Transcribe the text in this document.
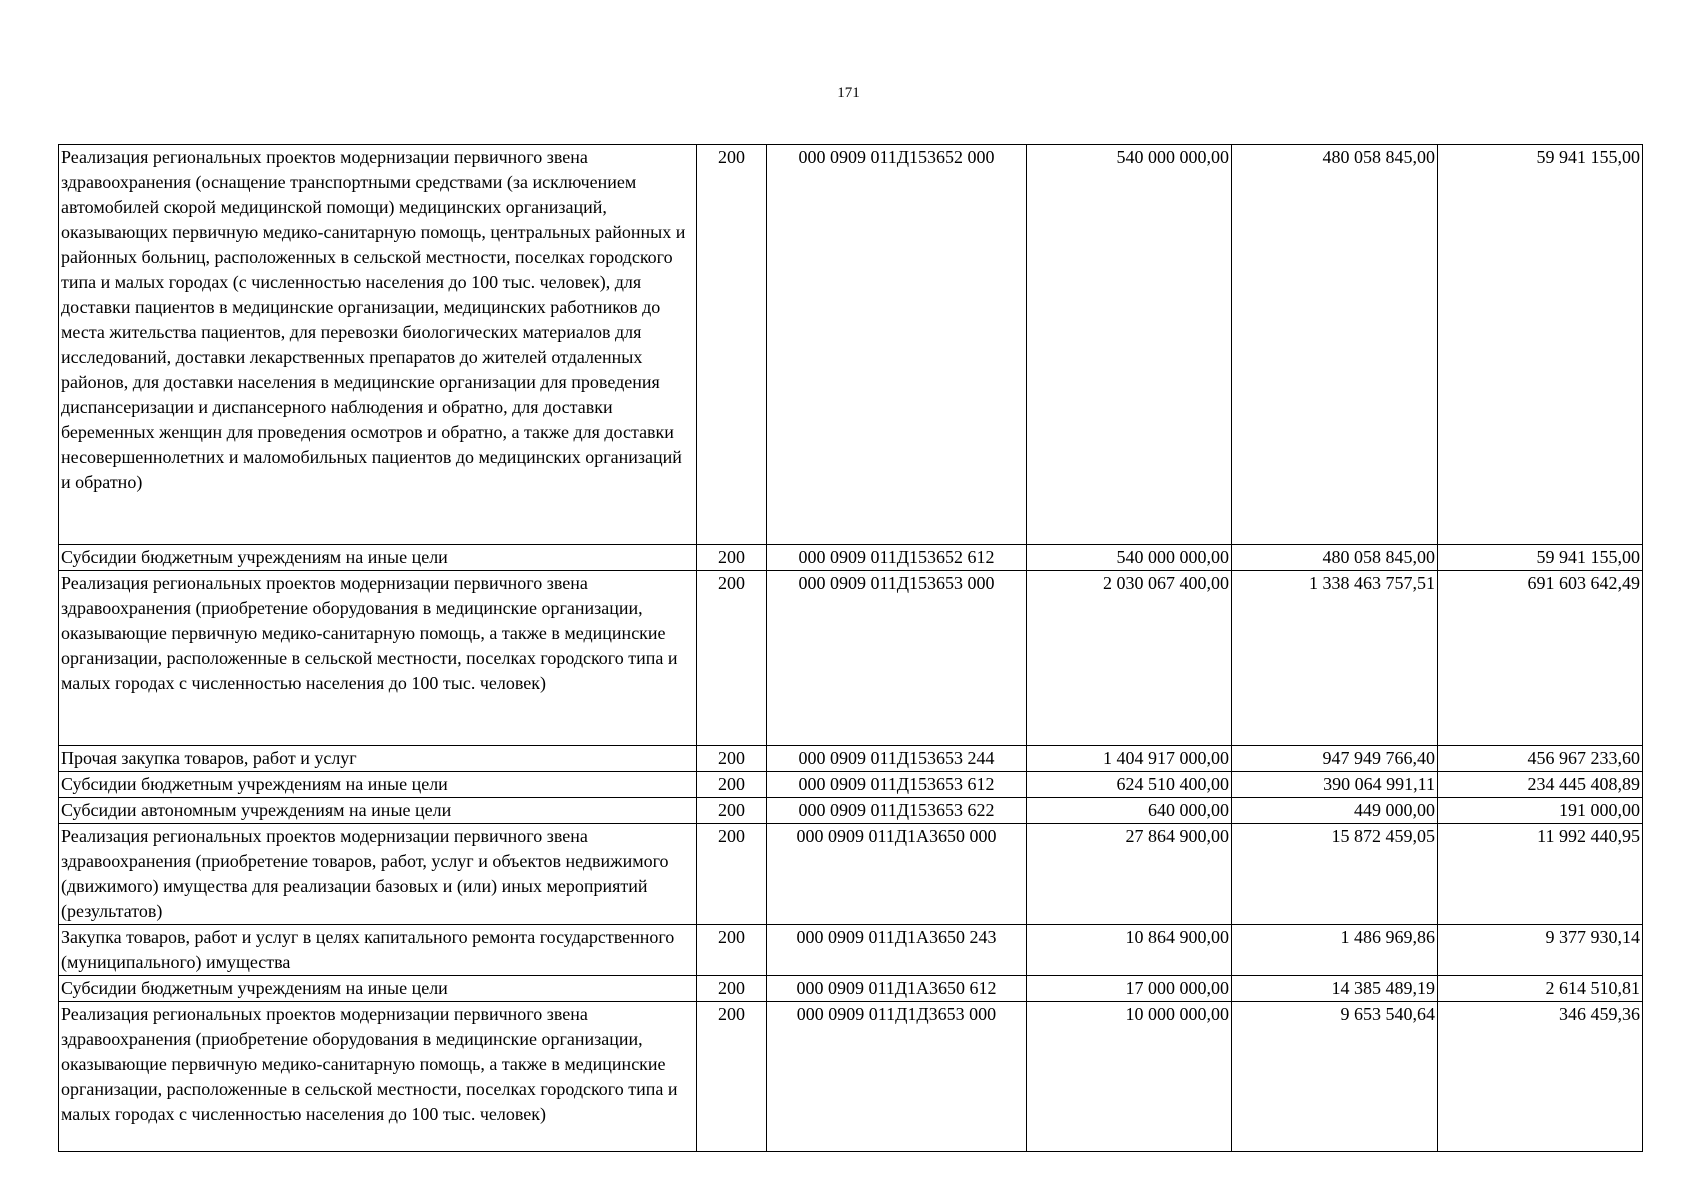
171
Реализация региональных проектов модернизации первичного звена здравоохранения (оснащение транспортными средствами (за исключением автомобилей скорой медицинской помощи) медицинских организаций, оказывающих первичную медико-санитарную помощь, центральных районных и районных больниц, расположенных в сельской местности, поселках городского типа и малых городах (с численностью населения до 100 тыс. человек), для доставки пациентов в медицинские организации, медицинских работников до места жительства пациентов, для перевозки биологических материалов для исследований, доставки лекарственных препаратов до жителей отдаленных районов, для доставки населения в медицинские организации для проведения диспансеризации и диспансерного наблюдения и обратно, для доставки беременных женщин для проведения осмотров и обратно, а также для доставки несовершеннолетних и маломобильных пациентов до медицинских организаций и обратно)	200	000 0909 011Д153652 000	540 000 000,00	480 058 845,00	59 941 155,00
Субсидии бюджетным учреждениям на иные цели	200	000 0909 011Д153652 612	540 000 000,00	480 058 845,00	59 941 155,00
Реализация региональных проектов модернизации первичного звена здравоохранения (приобретение оборудования в медицинские организации, оказывающие первичную медико-санитарную помощь, а также в медицинские организации, расположенные в сельской местности, поселках городского типа и малых городах с численностью населения до 100 тыс. человек)	200	000 0909 011Д153653 000	2 030 067 400,00	1 338 463 757,51	691 603 642,49
Прочая закупка товаров, работ и услуг	200	000 0909 011Д153653 244	1 404 917 000,00	947 949 766,40	456 967 233,60
Субсидии бюджетным учреждениям на иные цели	200	000 0909 011Д153653 612	624 510 400,00	390 064 991,11	234 445 408,89
Субсидии автономным учреждениям на иные цели	200	000 0909 011Д153653 622	640 000,00	449 000,00	191 000,00
Реализация региональных проектов модернизации первичного звена здравоохранения (приобретение товаров, работ, услуг и объектов недвижимого (движимого) имущества для реализации базовых и (или) иных мероприятий (результатов)	200	000 0909 011Д1А3650 000	27 864 900,00	15 872 459,05	11 992 440,95
Закупка товаров, работ и услуг в целях капитального ремонта государственного (муниципального) имущества	200	000 0909 011Д1А3650 243	10 864 900,00	1 486 969,86	9 377 930,14
Субсидии бюджетным учреждениям на иные цели	200	000 0909 011Д1А3650 612	17 000 000,00	14 385 489,19	2 614 510,81
Реализация региональных проектов модернизации первичного звена здравоохранения (приобретение оборудования в медицинские организации, оказывающие первичную медико-санитарную помощь, а также в медицинские организации, расположенные в сельской местности, поселках городского типа и малых городах с численностью населения до 100 тыс. человек)	200	000 0909 011Д1Д3653 000	10 000 000,00	9 653 540,64	346 459,36
